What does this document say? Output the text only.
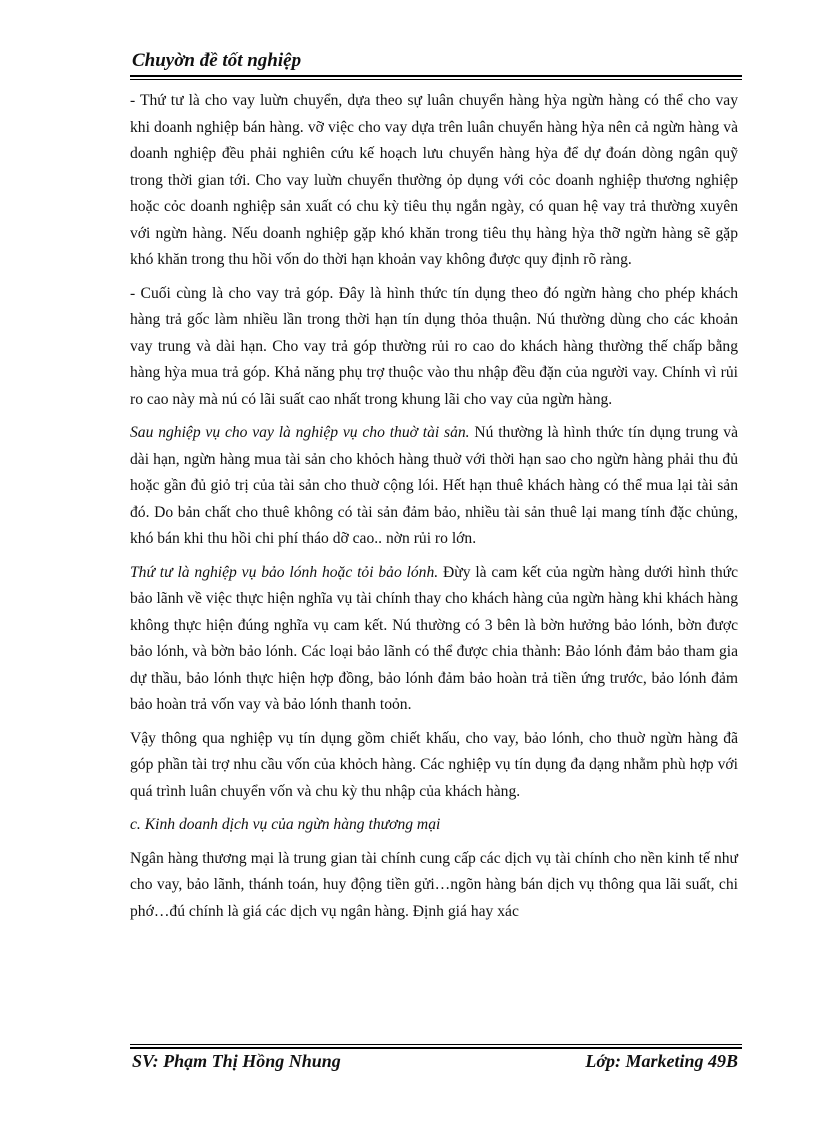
Chuyờn đề tốt nghiệp

- Thứ tư là cho vay luừn chuyển, dựa theo sự luân chuyển hàng hỳa ngừn hàng có thể cho vay khi doanh nghiệp bán hàng. vỡ việc cho vay dựa trên luân chuyển hàng hỳa nên cả ngừn hàng và doanh nghiệp đều phải nghiên cứu kế hoạch lưu chuyển hàng hỳa để dự đoán dòng ngân quỹ trong thời gian tới. Cho vay luừn chuyển thường ỏp dụng với cỏc doanh nghiệp thương nghiệp hoặc cỏc doanh nghiệp sản xuất có chu kỳ tiêu thụ ngắn ngày, có quan hệ vay trả thường xuyên với ngừn hàng. Nếu doanh nghiệp gặp khó khăn trong tiêu thụ hàng hỳa thỡ ngừn hàng sẽ gặp khó khăn trong thu hồi vốn do thời hạn khoản vay không được quy định rõ ràng.

- Cuối cùng là cho vay trả góp. Đây là hình thức tín dụng theo đó ngừn hàng cho phép khách hàng trả gốc làm nhiều lần trong thời hạn tín dụng thỏa thuận. Nú thường dùng cho các khoản vay trung và dài hạn. Cho vay trả góp thường rủi ro cao do khách hàng thường thế chấp bằng hàng hỳa mua trả góp. Khả năng phụ trợ thuộc vào thu nhập đều đặn của người vay. Chính vì rủi ro cao này mà nú có lãi suất cao nhất trong khung lãi cho vay của ngừn hàng.

Sau nghiệp vụ cho vay là nghiệp vụ cho thuờ tài sản. Nú thường là hình thức tín dụng trung và dài hạn, ngừn hàng mua tài sản cho khỏch hàng thuờ với thời hạn sao cho ngừn hàng phải thu đủ hoặc gần đủ giỏ trị của tài sản cho thuờ cộng lói. Hết hạn thuê khách hàng có thể mua lại tài sản đó. Do bản chất cho thuê không có tài sản đảm bảo, nhiều tài sản thuê lại mang tính đặc chủng, khó bán khi thu hồi chi phí tháo dỡ cao.. nờn rủi ro lớn.

Thứ tư là nghiệp vụ bảo lónh hoặc tỏi bảo lónh. Đừy là cam kết của ngừn hàng dưới hình thức bảo lãnh về việc thực hiện nghĩa vụ tài chính thay cho khách hàng của ngừn hàng khi khách hàng không thực hiện đúng nghĩa vụ cam kết. Nú thường có 3 bên là bờn hưởng bảo lónh, bờn được bảo lónh, và bờn bảo lónh. Các loại bảo lãnh có thể được chia thành: Bảo lónh đảm bảo tham gia dự thầu, bảo lónh thực hiện hợp đồng, bảo lónh đảm bảo hoàn trả tiền ứng trước, bảo lónh đảm bảo hoàn trả vốn vay và bảo lónh thanh toỏn.

Vậy thông qua nghiệp vụ tín dụng gồm chiết khấu, cho vay, bảo lónh, cho thuờ ngừn hàng đã góp phần tài trợ nhu cầu vốn của khỏch hàng. Các nghiệp vụ tín dụng đa dạng nhằm phù hợp với quá trình luân chuyển vốn và chu kỳ thu nhập của khách hàng.

c. Kinh doanh dịch vụ của ngừn hàng thương mại

Ngân hàng thương mại là trung gian tài chính cung cấp các dịch vụ tài chính cho nền kinh tế như cho vay, bảo lãnh, thánh toán, huy động tiền gửi…ngõn hàng bán dịch vụ thông qua lãi suất, chi phớ…đú chính là giá các dịch vụ ngân hàng. Định giá hay xác

SV: Phạm Thị Hồng Nhung	Lớp: Marketing 49B
